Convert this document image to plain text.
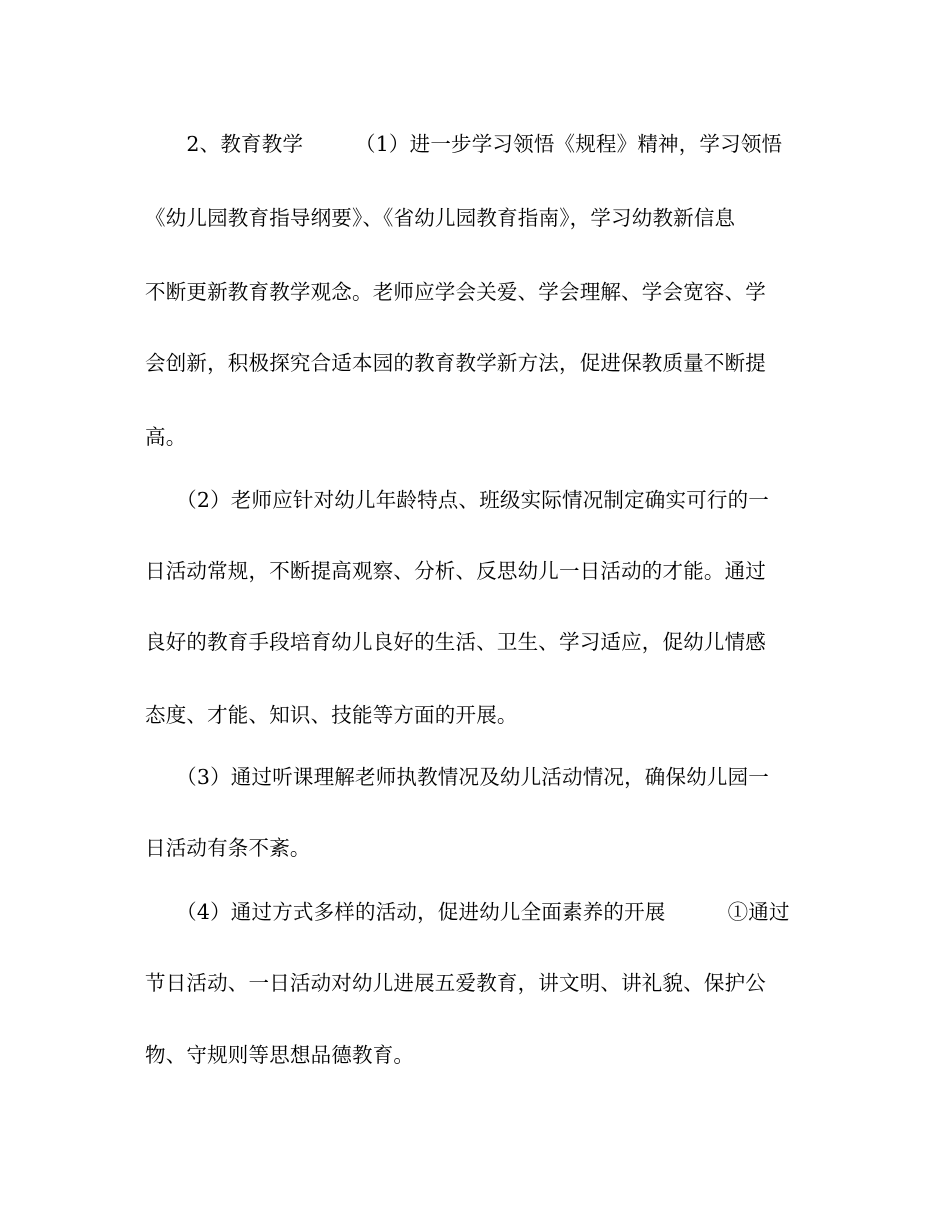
　　2、教育教学　　　（1）进一步学习领悟《规程》精神，学习领悟
《幼儿园教育指导纲要》、《省幼儿园教育指南》，学习幼教新信息
不断更新教育教学观念。老师应学会关爱、学会理解、学会宽容、学
会创新，积极探究合适本园的教育教学新方法，促进保教质量不断提
高。
　　（2）老师应针对幼儿年龄特点、班级实际情况制定确实可行的一
日活动常规，不断提高观察、分析、反思幼儿一日活动的才能。通过
良好的教育手段培育幼儿良好的生活、卫生、学习适应，促幼儿情感
态度、才能、知识、技能等方面的开展。
　　（3）通过听课理解老师执教情况及幼儿活动情况，确保幼儿园一
日活动有条不紊。
　　（4）通过方式多样的活动，促进幼儿全面素养的开展　　　①通过
节日活动、一日活动对幼儿进展五爱教育，讲文明、讲礼貌、保护公
物、守规则等思想品德教育。
